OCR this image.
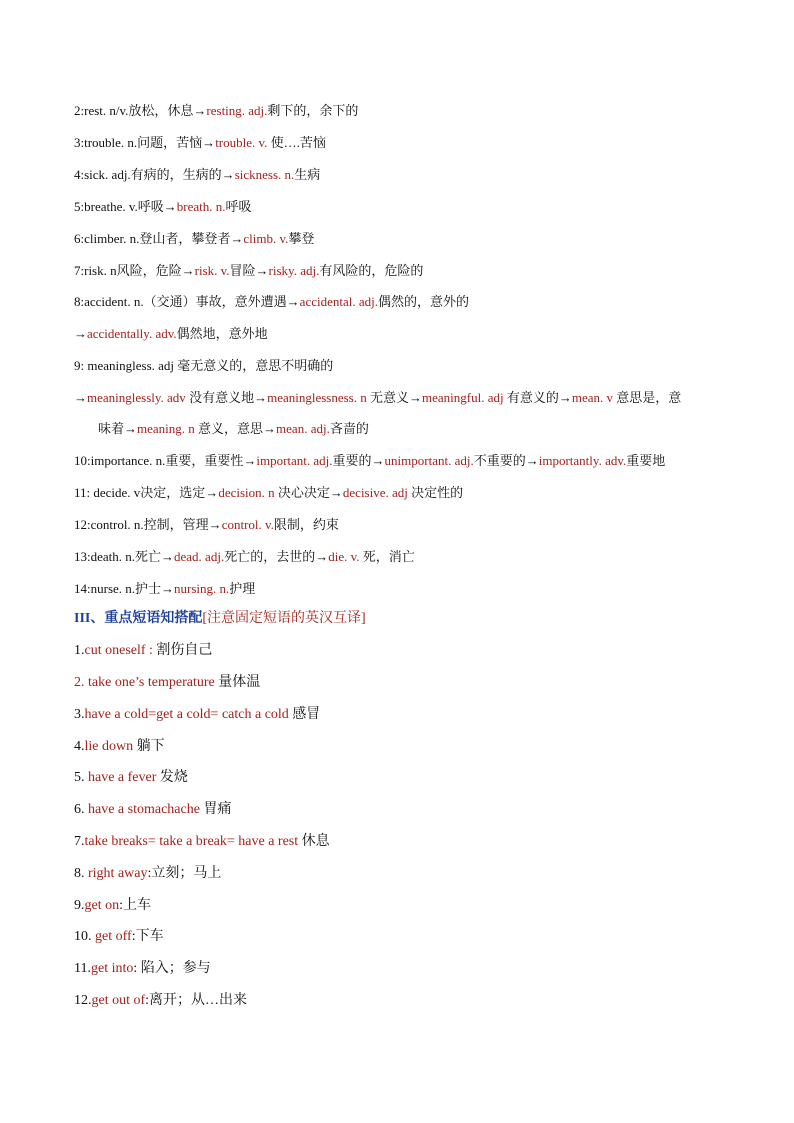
2:rest. n/v.放松，休息→resting. adj.剩下的，余下的
3:trouble. n.问题，苦恼→trouble. v. 使….苦恼
4:sick. adj.有病的，生病的→sickness. n.生病
5:breathe. v.呼吸→breath. n.呼吸
6:climber. n.登山者，攀登者→climb. v.攀登
7:risk. n风险，危险→risk. v.冒险→risky. adj.有风险的，危险的
8:accident. n.（交通）事故，意外遭遇→accidental. adj.偶然的，意外的
→accidentally. adv.偶然地，意外地
9: meaningless. adj 毫无意义的，意思不明确的
→meaninglessly. adv 没有意义地→meaninglessness. n 无意义→meaningful. adj 有意义的→mean. v 意思是，意
味着→meaning. n 意义，意思→mean. adj.吝啬的
10:importance. n.重要，重要性→important. adj.重要的→unimportant. adj.不重要的→importantly. adv.重要地
11: decide. v决定，选定→decision. n 决心决定→decisive. adj 决定性的
12:control. n.控制，管理→control. v.限制，约束
13:death. n.死亡→dead. adj.死亡的，去世的→die. v. 死，消亡
14:nurse. n.护士→nursing. n.护理
III、重点短语知搭配[注意固定短语的英汉互译]
1.cut oneself : 割伤自己
2. take one’s temperature 量体温
3.have a cold=get a cold= catch a cold 感冒
4.lie down 躺下
5. have a fever 发烧
6. have a stomachache 胃痛
7.take breaks= take a break= have a rest 休息
8. right away:立刻；马上
9.get on:上车
10. get off:下车
11.get into: 陷入；参与
12.get out of:离开；从…出来
